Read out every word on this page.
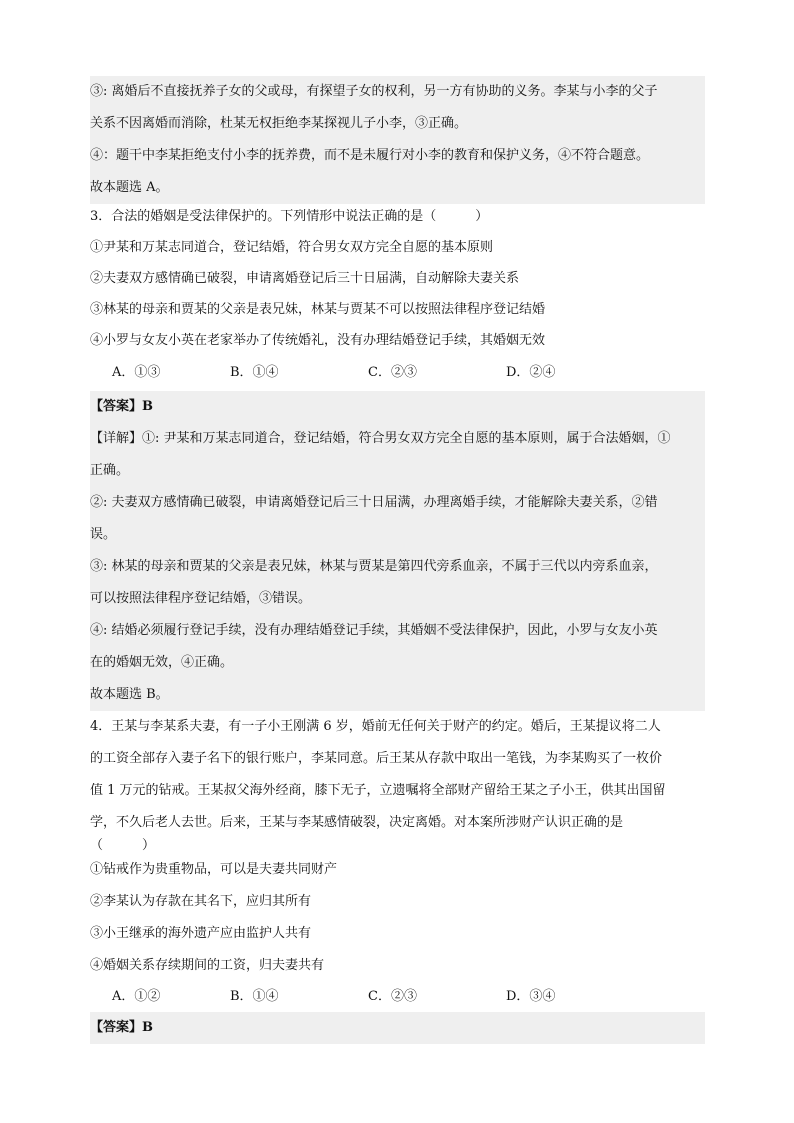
③: 离婚后不直接抚养子女的父或母，有探望子女的权利，另一方有协助的义务。李某与小李的父子
关系不因离婚而消除，杜某无权拒绝李某探视儿子小李，③正确。
④：题干中李某拒绝支付小李的抚养费，而不是未履行对小李的教育和保护义务，④不符合题意。
故本题选 A。
3．合法的婚姻是受法律保护的。下列情形中说法正确的是（　　　）
①尹某和万某志同道合，登记结婚，符合男女双方完全自愿的基本原则
②夫妻双方感情确已破裂，申请离婚登记后三十日届满，自动解除夫妻关系
③林某的母亲和贾某的父亲是表兄妹，林某与贾某不可以按照法律程序登记结婚
④小罗与女友小英在老家举办了传统婚礼，没有办理结婚登记手续，其婚姻无效
A．①③	B．①④	C．②③	D．②④
【答案】B
【详解】①: 尹某和万某志同道合，登记结婚，符合男女双方完全自愿的基本原则，属于合法婚姻，①
正确。
②: 夫妻双方感情确已破裂，申请离婚登记后三十日届满，办理离婚手续，才能解除夫妻关系，②错
误。
③: 林某的母亲和贾某的父亲是表兄妹，林某与贾某是第四代旁系血亲，不属于三代以内旁系血亲，
可以按照法律程序登记结婚，③错误。
④: 结婚必须履行登记手续，没有办理结婚登记手续，其婚姻不受法律保护，因此，小罗与女友小英
在的婚姻无效，④正确。
故本题选 B。
4．王某与李某系夫妻，有一子小王刚满 6 岁，婚前无任何关于财产的约定。婚后，王某提议将二人
的工资全部存入妻子名下的银行账户，李某同意。后王某从存款中取出一笔钱，为李某购买了一枚价
值 1 万元的钻戒。王某叔父海外经商，膝下无子，立遗嘱将全部财产留给王某之子小王，供其出国留
学，不久后老人去世。后来，王某与李某感情破裂，决定离婚。对本案所涉财产认识正确的是
（　　　）
①钻戒作为贵重物品，可以是夫妻共同财产
②李某认为存款在其名下，应归其所有
③小王继承的海外遗产应由监护人共有
④婚姻关系存续期间的工资，归夫妻共有
A．①②	B．①④	C．②③	D．③④
【答案】B
